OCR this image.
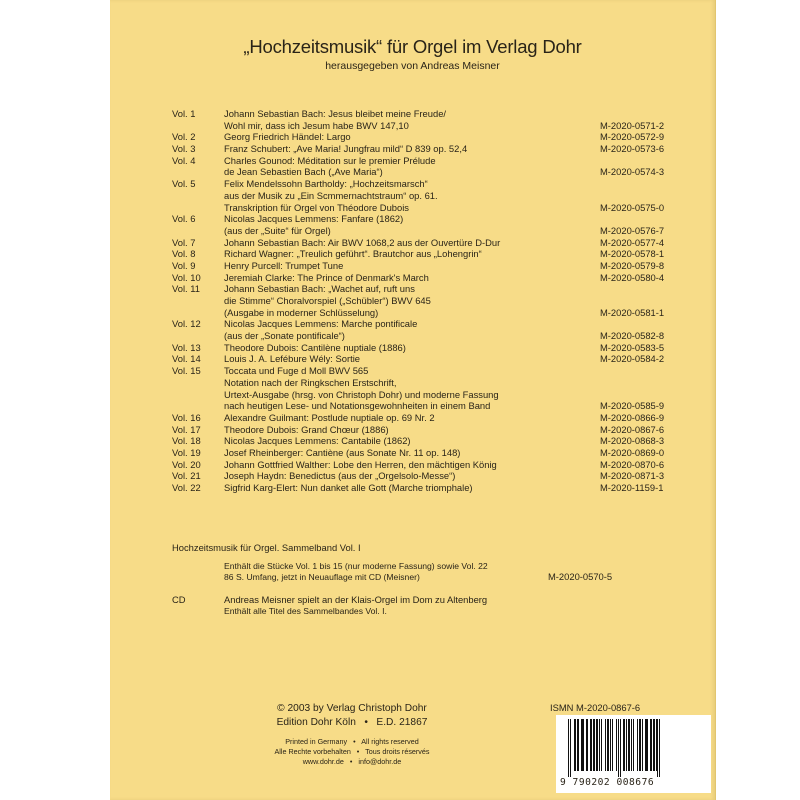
„Hochzeitsmusik“ für Orgel im Verlag Dohr
herausgegeben von Andreas Meisner
Vol. 1	Johann Sebastian Bach: Jesus bleibet meine Freude/
Wohl mir, dass ich Jesum habe BWV 147,10	M-2020-0571-2
Vol. 2	Georg Friedrich Händel: Largo	M-2020-0572-9
Vol. 3	Franz Schubert: „Ave Maria! Jungfrau mild“ D 839 op. 52,4	M-2020-0573-6
Vol. 4	Charles Gounod: Méditation sur le premier Prélude
de Jean Sebastien Bach („Ave Maria“)	M-2020-0574-3
Vol. 5	Felix Mendelssohn Bartholdy: „Hochzeitsmarsch“
aus der Musik zu „Ein Scmmernachtstraum“ op. 61.
Transkription für Orgel von Théodore Dubois	M-2020-0575-0
Vol. 6	Nicolas Jacques Lemmens: Fanfare (1862)
(aus der „Suite“ für Orgel)	M-2020-0576-7
Vol. 7	Johann Sebastian Bach: Air BWV 1068,2 aus der Ouvertüre D-Dur	M-2020-0577-4
Vol. 8	Richard Wagner: „Treulich geführt“. Brautchor aus „Lohengrin“	M-2020-0578-1
Vol. 9	Henry Purcell: Trumpet Tune	M-2020-0579-8
Vol. 10 Jeremiah Clarke: The Prince of Denmark's March	M-2020-0580-4
Vol. 11	Johann Sebastian Bach: „Wachet auf, ruft uns
die Stimme“ Choralvorspiel („Schübler“) BWV 645
(Ausgabe in moderner Schlüsselung)	M-2020-0581-1
Vol. 12 Nicolas Jacques Lemmens: Marche pontificale
(aus der „Sonate pontificale“)	M-2020-0582-8
Vol. 13 Theodore Dubois: Cantilène nuptiale (1886)	M-2020-0583-5
Vol. 14 Louis J. A. Lefébure Wély: Sortie	M-2020-0584-2
Vol. 15 Toccata und Fuge d Moll BWV 565
Notation nach der Ringkschen Erstschrift,
Urtext-Ausgabe (hrsg. von Christoph Dohr) und moderne Fassung
nach heutigen Lese- und Notationsgewohnheiten in einem Band	M-2020-0585-9
Vol. 16 Alexandre Guilmant: Postlude nuptiale op. 69 Nr. 2	M-2020-0866-9
Vol. 17 Theodore Dubois: Grand Chœur (1886)	M-2020-0867-6
Vol. 18 Nicolas Jacques Lemmens: Cantabile (1862)	M-2020-0868-3
Vol. 19 Josef Rheinberger: Cantiène (aus Sonate Nr. 11 op. 148)	M-2020-0869-0
Vol. 20 Johann Gottfried Walther: Lobe den Herren, den mächtigen König	M-2020-0870-6
Vol. 21 Joseph Haydn: Benedictus (aus der „Orgelsolo-Messe“)	M-2020-0871-3
Vol. 22 Sigfrid Karg-Elert: Nun danket alle Gott (Marche triomphale)	M-2020-1159-1
Hochzeitsmusik für Orgel. Sammelband Vol. I
Enthält die Stücke Vol. 1 bis 15 (nur moderne Fassung) sowie Vol. 22
86 S. Umfang, jetzt in Neuauflage mit CD (Meisner)	M-2020-0570-5
CD	Andreas Meisner spielt an der Klais-Orgel im Dom zu Altenberg
Enthält alle Titel des Sammelbandes Vol. I.
© 2003 by Verlag Christoph Dohr
Edition Dohr Köln   •   E.D. 21867
Printed in Germany   •   All rights reserved
Alle Rechte vorbehalten   •   Tous droits réservés
www.dohr.de   •   info@dohr.de
ISMN M-2020-0867-6
9 790202 008676
